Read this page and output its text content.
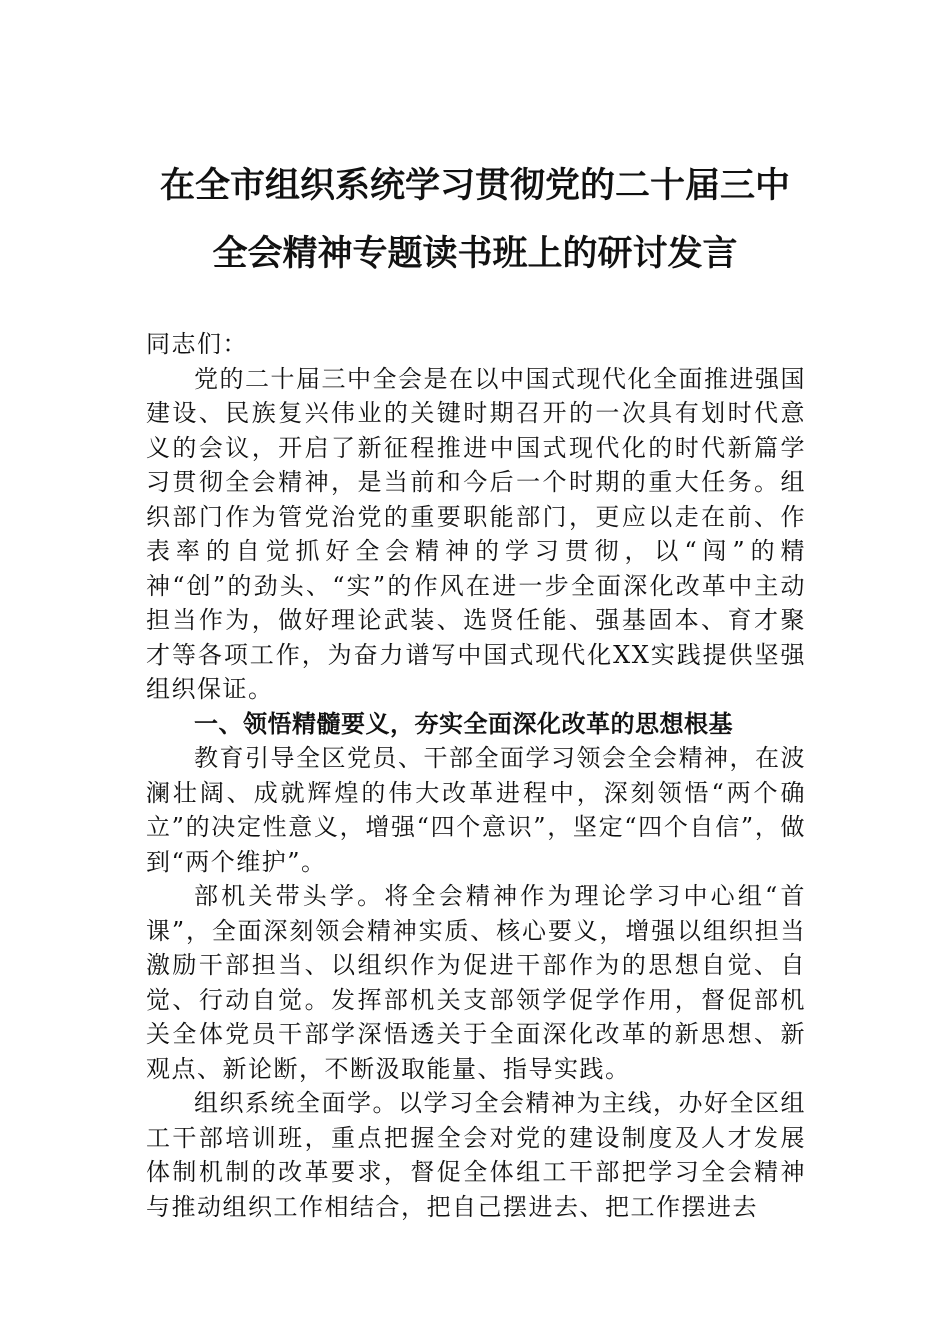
在全市组织系统学习贯彻党的二十届三中
全会精神专题读书班上的研讨发言

同志们：

党的二十届三中全会是在以中国式现代化全面推进强国建设、民族复兴伟业的关键时期召开的一次具有划时代意义的会议，开启了新征程推进中国式现代化的时代新篇学习贯彻全会精神，是当前和今后一个时期的重大任务。组织部门作为管党治党的重要职能部门，更应以走在前、作表率的自觉抓好全会精神的学习贯彻，以“闯”的精神“创”的劲头、“实”的作风在进一步全面深化改革中主动担当作为，做好理论武装、选贤任能、强基固本、育才聚才等各项工作，为奋力谱写中国式现代化XX实践提供坚强组织保证。

一、领悟精髓要义，夯实全面深化改革的思想根基

教育引导全区党员、干部全面学习领会全会精神，在波澜壮阔、成就辉煌的伟大改革进程中，深刻领悟“两个确立”的决定性意义，增强“四个意识”，坚定“四个自信”，做到“两个维护”。

部机关带头学。将全会精神作为理论学习中心组“首课”，全面深刻领会精神实质、核心要义，增强以组织担当激励干部担当、以组织作为促进干部作为的思想自觉、自觉、行动自觉。发挥部机关支部领学促学作用，督促部机关全体党员干部学深悟透关于全面深化改革的新思想、新观点、新论断，不断汲取能量、指导实践。

组织系统全面学。以学习全会精神为主线，办好全区组工干部培训班，重点把握全会对党的建设制度及人才发展体制机制的改革要求，督促全体组工干部把学习全会精神与推动组织工作相结合，把自己摆进去、把工作摆进去
